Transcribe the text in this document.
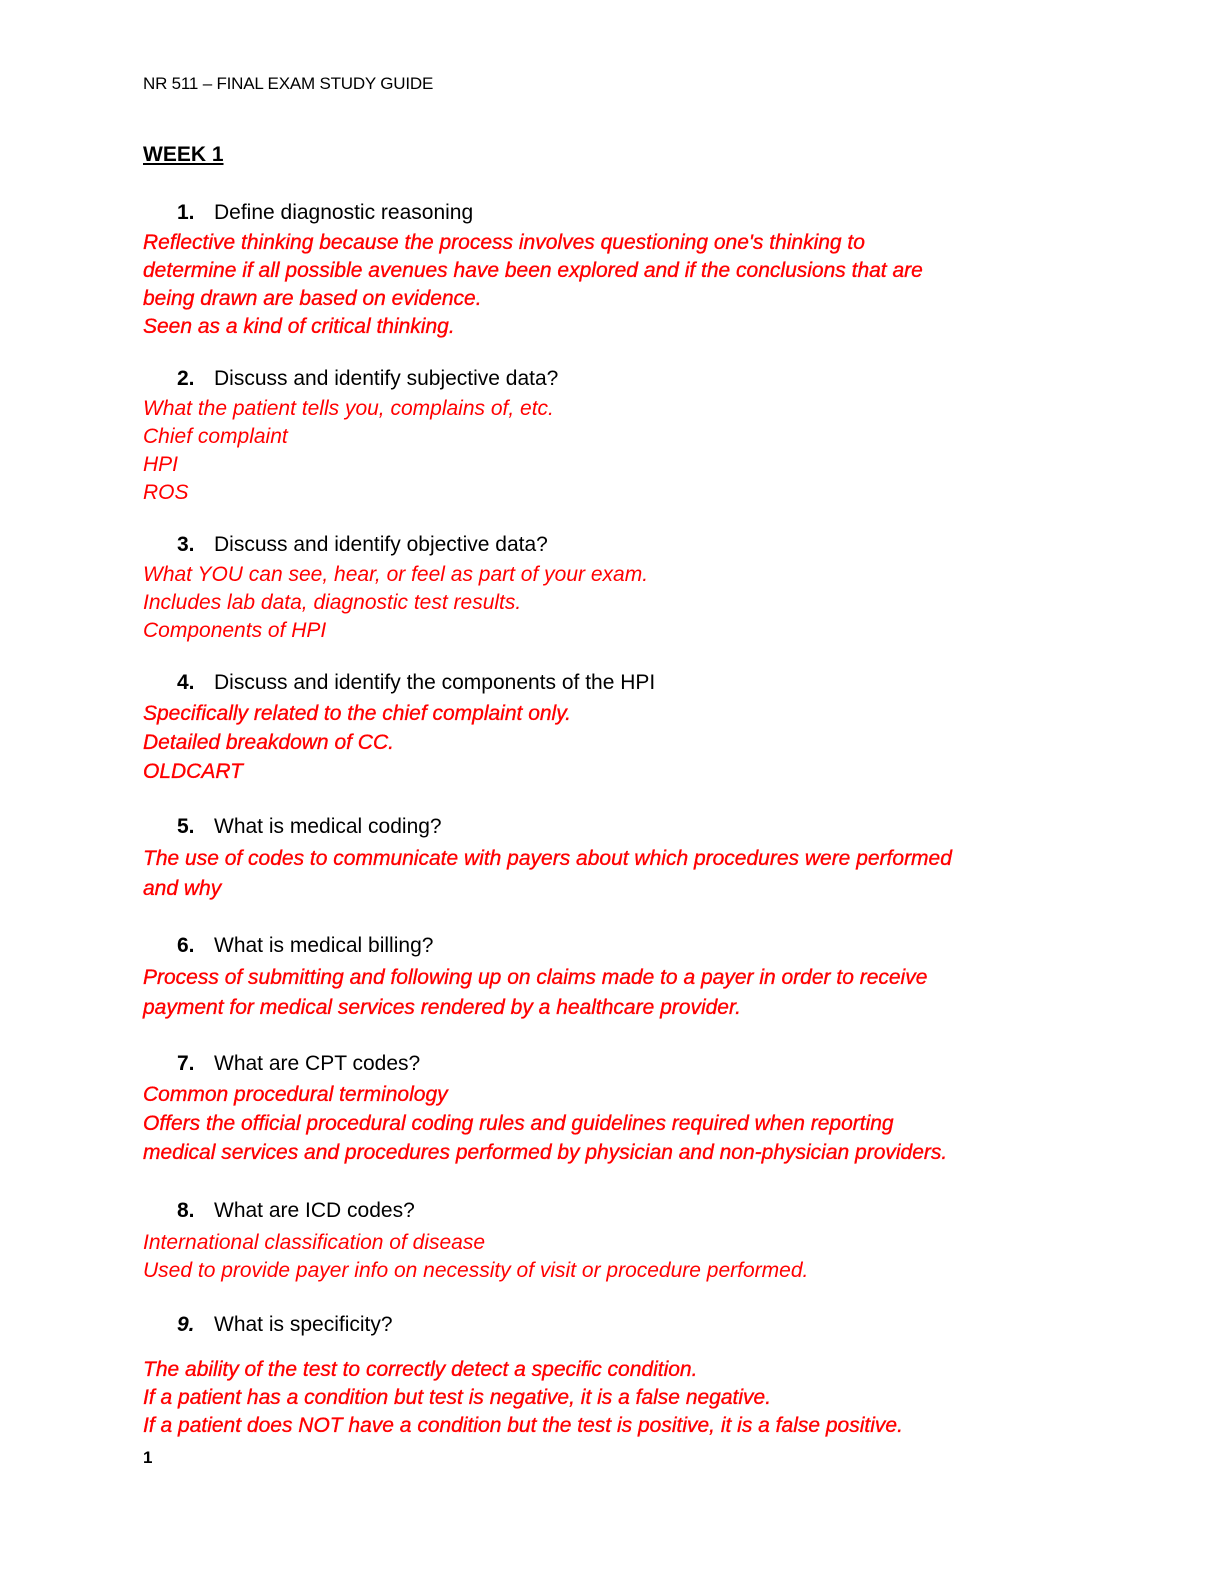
NR 511 – FINAL EXAM STUDY GUIDE
WEEK 1
1. Define diagnostic reasoning
Reflective thinking because the process involves questioning one's thinking to
determine if all possible avenues have been explored and if the conclusions that are
being drawn are based on evidence.
Seen as a kind of critical thinking.
2. Discuss and identify subjective data?
What the patient tells you, complains of, etc.
Chief complaint
HPI
ROS
3. Discuss and identify objective data?
What YOU can see, hear, or feel as part of your exam.
Includes lab data, diagnostic test results.
Components of HPI
4. Discuss and identify the components of the HPI
Specifically related to the chief complaint only.
Detailed breakdown of CC.
OLDCART
5. What is medical coding?
The use of codes to communicate with payers about which procedures were performed
and why
6. What is medical billing?
Process of submitting and following up on claims made to a payer in order to receive
payment for medical services rendered by a healthcare provider.
7. What are CPT codes?
Common procedural terminology
Offers the official procedural coding rules and guidelines required when reporting
medical services and procedures performed by physician and non-physician providers.
8. What are ICD codes?
International classification of disease
Used to provide payer info on necessity of visit or procedure performed.
9. What is specificity?
The ability of the test to correctly detect a specific condition.
If a patient has a condition but test is negative, it is a false negative.
If a patient does NOT have a condition but the test is positive, it is a false positive.
1
